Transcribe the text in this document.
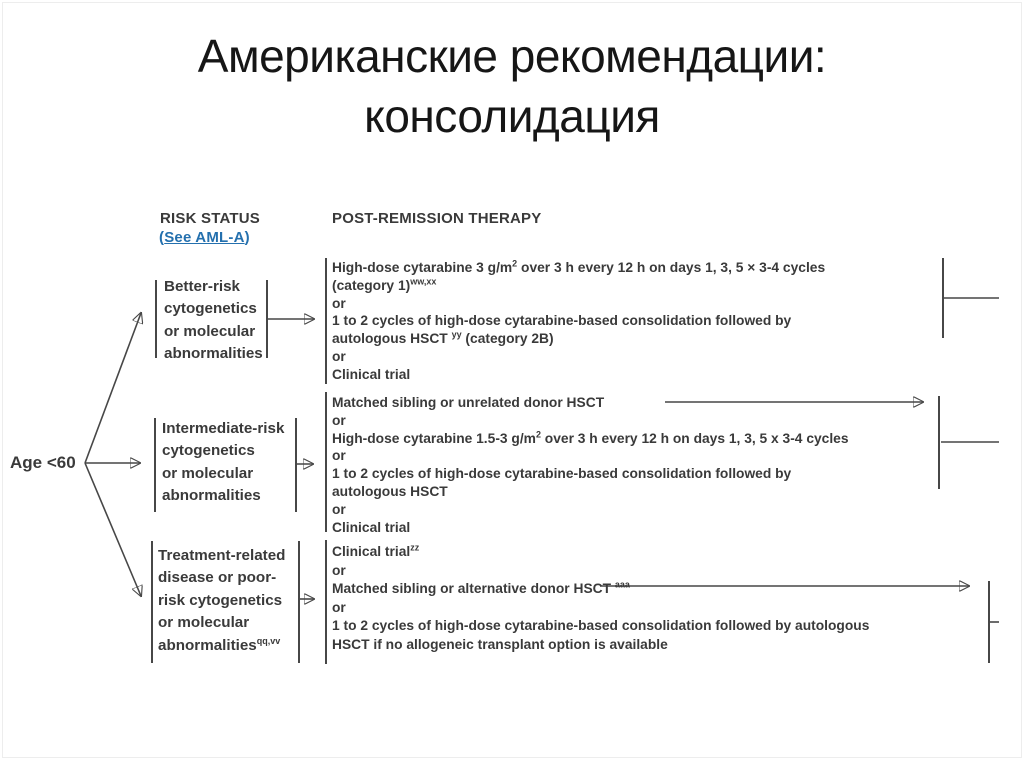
Американские рекомендации:
консолидация
RISK STATUS
(See AML-A)
POST-REMISSION THERAPY
Age <60
Better-risk
cytogenetics
or molecular
abnormalities
Intermediate-risk
cytogenetics
or molecular
abnormalities
Treatment-related
disease or poor-
risk cytogenetics
or molecular
abnormalities$^{qq,vv}$
High-dose cytarabine 3 $g/m^2$ over 3 h every 12 h on days 1, 3, 5 × 3-4 cycles
(category 1)$^{ww,xx}$
or
1 to 2 cycles of high-dose cytarabine-based consolidation followed by
autologous HSCT $^{yy}$ (category 2B)
or
Clinical trial
Matched sibling or unrelated donor HSCT
or
High-dose cytarabine 1.5-3 $g/m^2$ over 3 h every 12 h on days 1, 3, 5 x 3-4 cycles
or
1 to 2 cycles of high-dose cytarabine-based consolidation followed by
autologous HSCT
or
Clinical trial
Clinical trial$^{zz}$
or
Matched sibling or alternative donor HSCT $^{aaa}$
or
1 to 2 cycles of high-dose cytarabine-based consolidation followed by autologous
HSCT if no allogeneic transplant option is available
